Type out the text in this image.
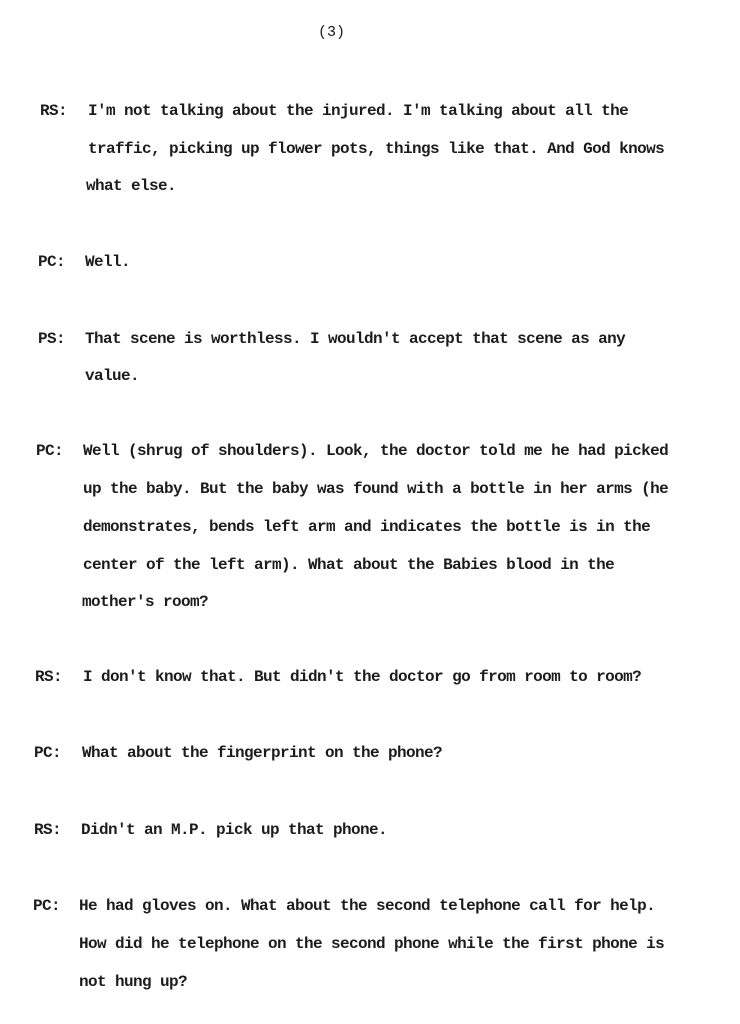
(3)
RS: I'm not talking about the injured. I'm talking about all the
traffic, picking up flower pots, things like that. And God knows
what else.
PC: Well.
PS: That scene is worthless. I wouldn't accept that scene as any
value.
PC: Well (shrug of shoulders). Look, the doctor told me he had picked
up the baby. But the baby was found with a bottle in her arms (he
demonstrates, bends left arm and indicates the bottle is in the
center of the left arm). What about the Babies blood in the
mother's room?
RS: I don't know that. But didn't the doctor go from room to room?
PC: What about the fingerprint on the phone?
RS: Didn't an M.P. pick up that phone.
PC: He had gloves on. What about the second telephone call for help.
How did he telephone on the second phone while the first phone is
not hung up?
